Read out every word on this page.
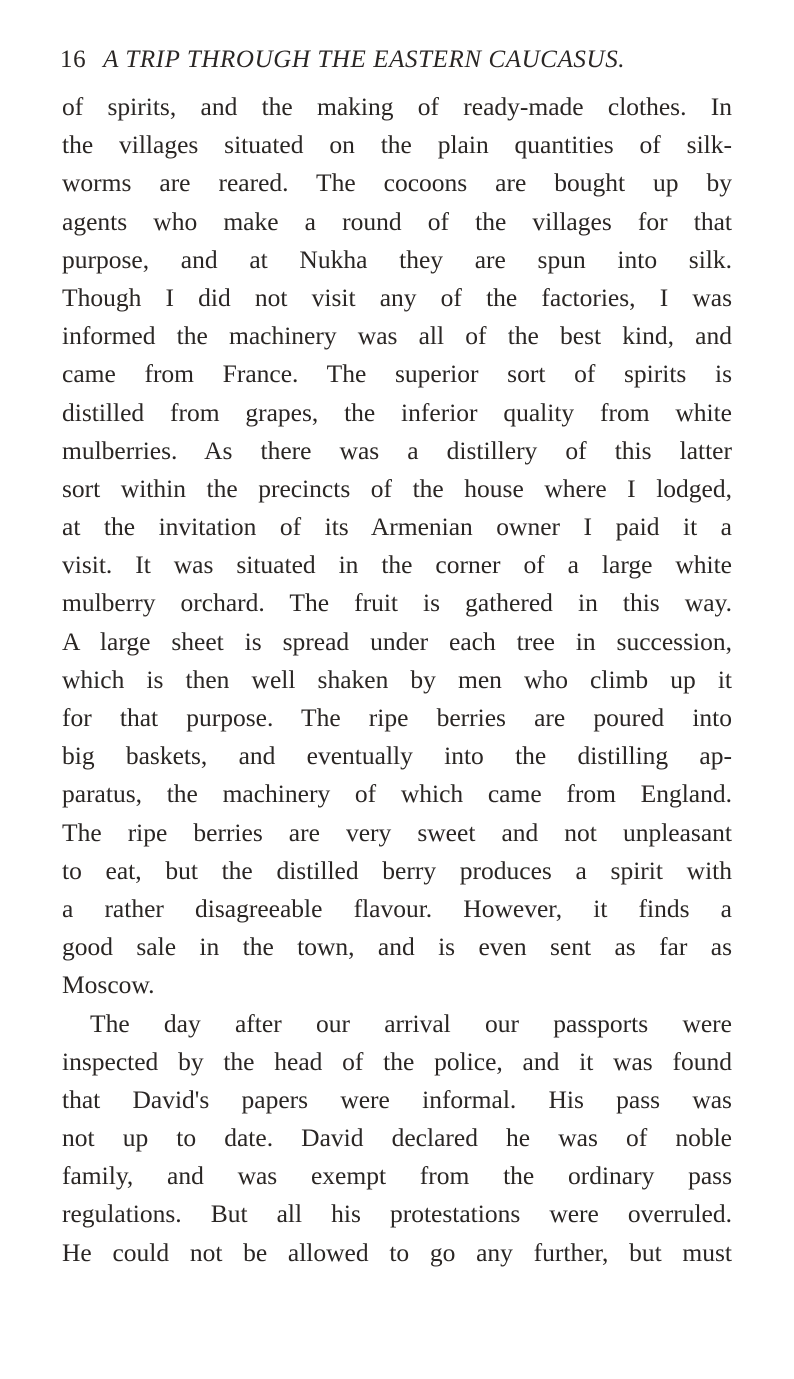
16 A TRIP THROUGH THE EASTERN CAUCASUS.
of spirits, and the making of ready-made clothes. In
the villages situated on the plain quantities of silk-
worms are reared. The cocoons are bought up by
agents who make a round of the villages for that
purpose, and at Nukha they are spun into silk.
Though I did not visit any of the factories, I was
informed the machinery was all of the best kind, and
came from France. The superior sort of spirits is
distilled from grapes, the inferior quality from white
mulberries. As there was a distillery of this latter
sort within the precincts of the house where I lodged,
at the invitation of its Armenian owner I paid it a
visit. It was situated in the corner of a large white
mulberry orchard. The fruit is gathered in this way.
A large sheet is spread under each tree in succession,
which is then well shaken by men who climb up it
for that purpose. The ripe berries are poured into
big baskets, and eventually into the distilling ap-
paratus, the machinery of which came from England.
The ripe berries are very sweet and not unpleasant
to eat, but the distilled berry produces a spirit with
a rather disagreeable flavour. However, it finds a
good sale in the town, and is even sent as far as
Moscow.
The day after our arrival our passports were
inspected by the head of the police, and it was found
that David's papers were informal. His pass was
not up to date. David declared he was of noble
family, and was exempt from the ordinary pass
regulations. But all his protestations were overruled.
He could not be allowed to go any further, but must
